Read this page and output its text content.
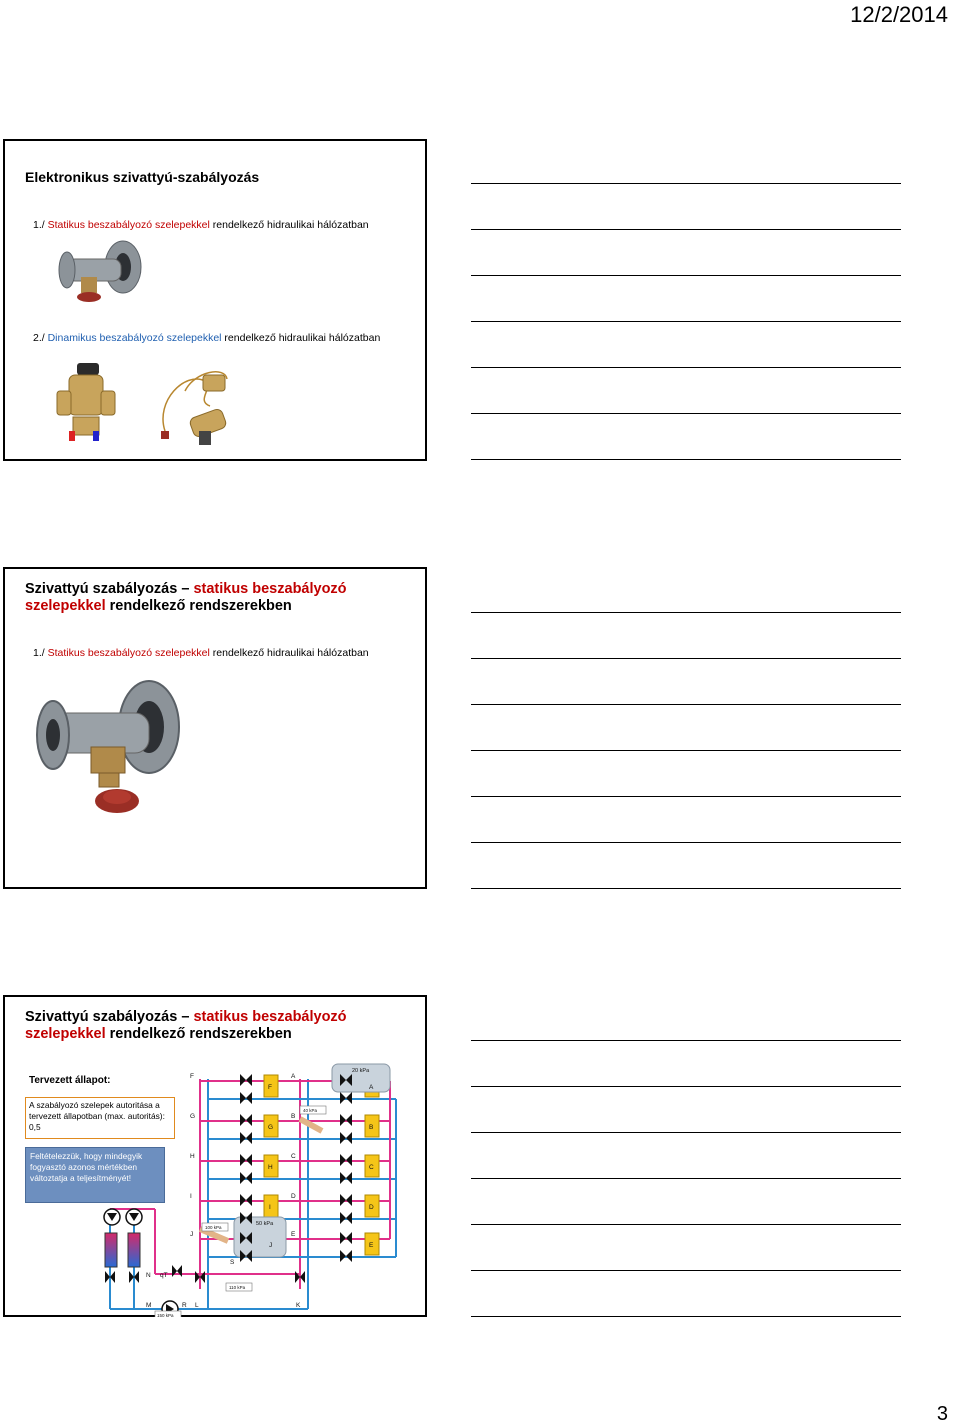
12/2/2014
Elektronikus szivattyú-szabályozás
1./ Statikus beszabályozó szelepekkel rendelkező hidraulikai hálózatban
2./ Dinamikus beszabályozó szelepekkel rendelkező hidraulikai hálózatban
Szivattyú szabályozás – statikus beszabályozó
szelepekkel rendelkező rendszerekben
1./ Statikus beszabályozó szelepekkel rendelkező hidraulikai hálózatban
Szivattyú szabályozás – statikus beszabályozó
szelepekkel rendelkező rendszerekben
Tervezett állapot:
A szabályozó szelepek autoritása a tervezett állapotban (max. autoritás): 0,5
Feltételezzük, hogy mindegyik fogyasztó azonos mértékben változtatja a teljesítményét!
F
G
H
I
J
A
B
C
D
E
F
G
H
I
J
A
B
C
D
E
20 kPa
50 kPa
40 kPa
100 kPa
110 kPa
150 kPa
S
N
M	R L	K
qT
3
